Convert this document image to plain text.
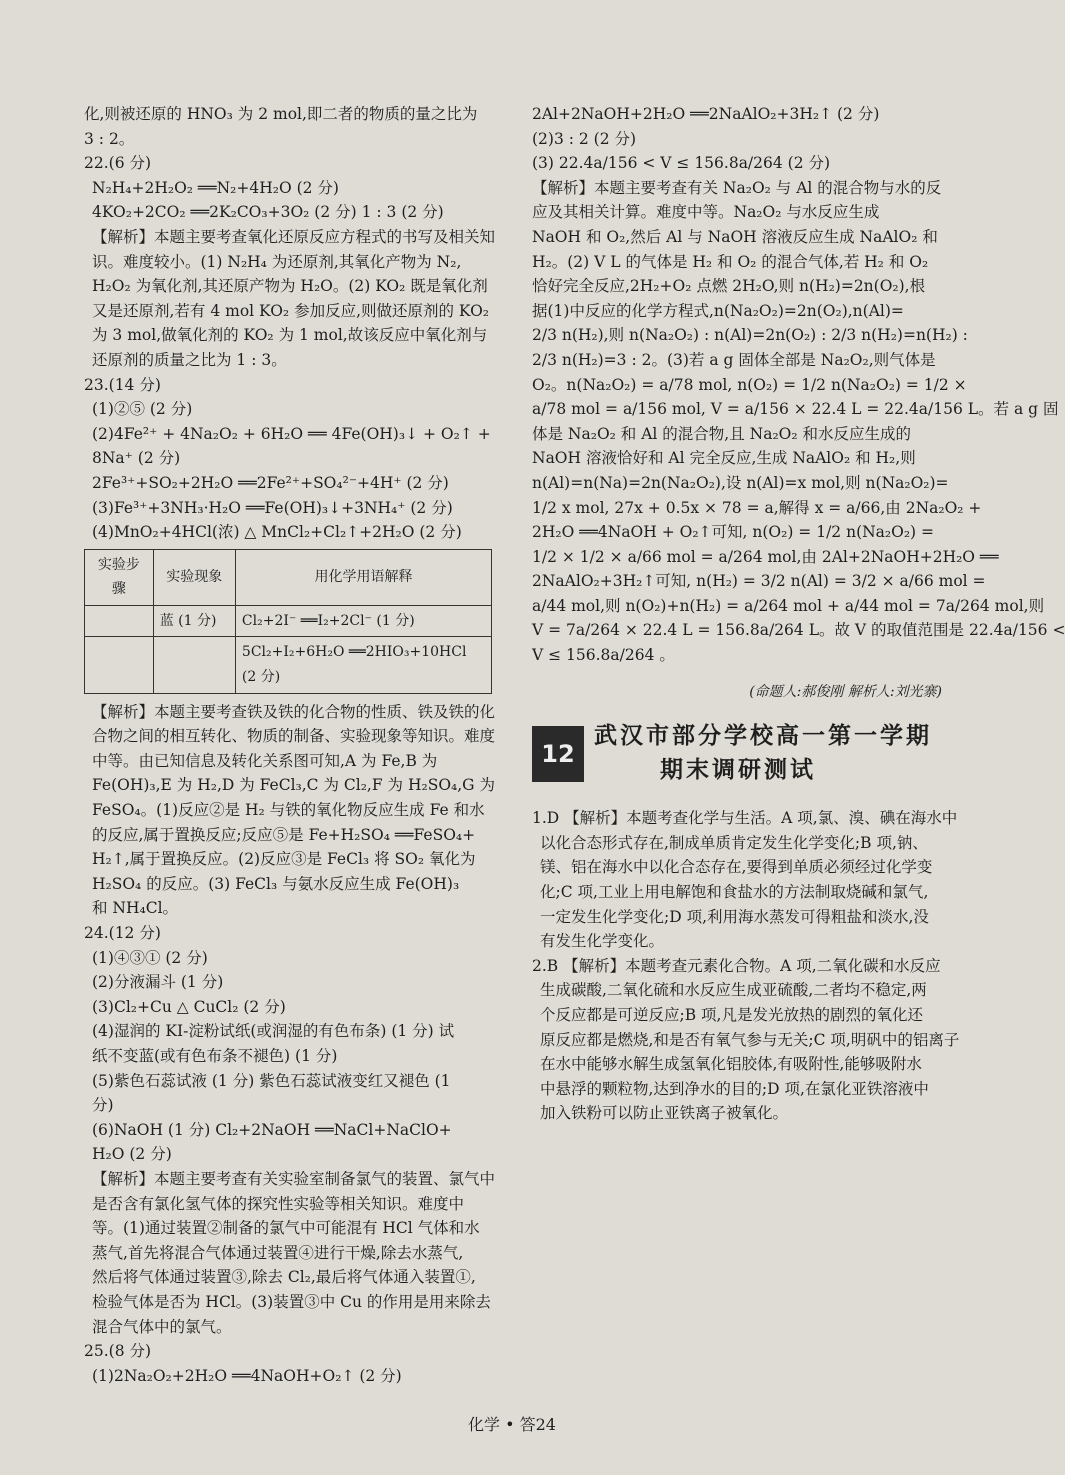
化,则被还原的 HNO₃ 为 2 mol,即二者的物质的量之比为
3 : 2。
22.(6 分)
N₂H₄+2H₂O₂ ══N₂+4H₂O (2 分)
4KO₂+2CO₂ ══2K₂CO₃+3O₂ (2 分) 1 : 3 (2 分)
【解析】本题主要考查氧化还原反应方程式的书写及相关知
识。难度较小。(1) N₂H₄ 为还原剂,其氧化产物为 N₂,
H₂O₂ 为氧化剂,其还原产物为 H₂O。(2) KO₂ 既是氧化剂
又是还原剂,若有 4 mol KO₂ 参加反应,则做还原剂的 KO₂
为 3 mol,做氧化剂的 KO₂ 为 1 mol,故该反应中氧化剂与
还原剂的质量之比为 1 : 3。
23.(14 分)
(1)②⑤ (2 分)
(2)4Fe²⁺ + 4Na₂O₂ + 6H₂O ══ 4Fe(OH)₃↓ + O₂↑ +
8Na⁺ (2 分)
2Fe³⁺+SO₂+2H₂O ══2Fe²⁺+SO₄²⁻+4H⁺ (2 分)
(3)Fe³⁺+3NH₃·H₂O ══Fe(OH)₃↓+3NH₄⁺ (2 分)
(4)MnO₂+4HCl(浓) △ MnCl₂+Cl₂↑+2H₂O (2 分)
实验步骤	实验现象	用化学用语解释
	蓝 (1 分)	Cl₂+2I⁻ ══I₂+2Cl⁻ (1 分)
		5Cl₂+I₂+6H₂O ══2HIO₃+10HCl (2 分)
【解析】本题主要考查铁及铁的化合物的性质、铁及铁的化
合物之间的相互转化、物质的制备、实验现象等知识。难度
中等。由已知信息及转化关系图可知,A 为 Fe,B 为
Fe(OH)₃,E 为 H₂,D 为 FeCl₃,C 为 Cl₂,F 为 H₂SO₄,G 为
FeSO₄。(1)反应②是 H₂ 与铁的氧化物反应生成 Fe 和水
的反应,属于置换反应;反应⑤是 Fe+H₂SO₄ ══FeSO₄+
H₂↑,属于置换反应。(2)反应③是 FeCl₃ 将 SO₂ 氧化为
H₂SO₄ 的反应。(3) FeCl₃ 与氨水反应生成 Fe(OH)₃
和 NH₄Cl。
24.(12 分)
(1)④③① (2 分)
(2)分液漏斗 (1 分)
(3)Cl₂+Cu △ CuCl₂ (2 分)
(4)湿润的 KI-淀粉试纸(或润湿的有色布条) (1 分) 试
纸不变蓝(或有色布条不褪色) (1 分)
(5)紫色石蕊试液 (1 分) 紫色石蕊试液变红又褪色 (1
分)
(6)NaOH (1 分) Cl₂+2NaOH ══NaCl+NaClO+
H₂O (2 分)
【解析】本题主要考查有关实验室制备氯气的装置、氯气中
是否含有氯化氢气体的探究性实验等相关知识。难度中
等。(1)通过装置②制备的氯气中可能混有 HCl 气体和水
蒸气,首先将混合气体通过装置④进行干燥,除去水蒸气,
然后将气体通过装置③,除去 Cl₂,最后将气体通入装置①,
检验气体是否为 HCl。(3)装置③中 Cu 的作用是用来除去
混合气体中的氯气。
25.(8 分)
(1)2Na₂O₂+2H₂O ══4NaOH+O₂↑ (2 分)
2Al+2NaOH+2H₂O ══2NaAlO₂+3H₂↑ (2 分)
(2)3 : 2 (2 分)
(3) 22.4a/156 < V ≤ 156.8a/264 (2 分)
【解析】本题主要考查有关 Na₂O₂ 与 Al 的混合物与水的反
应及其相关计算。难度中等。Na₂O₂ 与水反应生成
NaOH 和 O₂,然后 Al 与 NaOH 溶液反应生成 NaAlO₂ 和
H₂。(2) V L 的气体是 H₂ 和 O₂ 的混合气体,若 H₂ 和 O₂
恰好完全反应,2H₂+O₂ 点燃 2H₂O,则 n(H₂)=2n(O₂),根
据(1)中反应的化学方程式,n(Na₂O₂)=2n(O₂),n(Al)=
2/3 n(H₂),则 n(Na₂O₂) : n(Al)=2n(O₂) : 2/3 n(H₂)=n(H₂) :
2/3 n(H₂)=3 : 2。(3)若 a g 固体全部是 Na₂O₂,则气体是
O₂。n(Na₂O₂) = a/78 mol, n(O₂) = 1/2 n(Na₂O₂) = 1/2 ×
a/78 mol = a/156 mol, V = a/156 × 22.4 L = 22.4a/156 L。若 a g 固
体是 Na₂O₂ 和 Al 的混合物,且 Na₂O₂ 和水反应生成的
NaOH 溶液恰好和 Al 完全反应,生成 NaAlO₂ 和 H₂,则
n(Al)=n(Na)=2n(Na₂O₂),设 n(Al)=x mol,则 n(Na₂O₂)=
1/2 x mol, 27x + 0.5x × 78 = a,解得 x = a/66,由 2Na₂O₂ +
2H₂O ══4NaOH + O₂↑可知, n(O₂) = 1/2 n(Na₂O₂) =
1/2 × 1/2 × a/66 mol = a/264 mol,由 2Al+2NaOH+2H₂O ══
2NaAlO₂+3H₂↑可知, n(H₂) = 3/2 n(Al) = 3/2 × a/66 mol =
a/44 mol,则 n(O₂)+n(H₂) = a/264 mol + a/44 mol = 7a/264 mol,则
V = 7a/264 × 22.4 L = 156.8a/264 L。故 V 的取值范围是 22.4a/156 <
V ≤ 156.8a/264 。
(命题人:郝俊刚 解析人:刘光寨)
12
武汉市部分学校高一第一学期
期末调研测试
1.D 【解析】本题考查化学与生活。A 项,氯、溴、碘在海水中
以化合态形式存在,制成单质肯定发生化学变化;B 项,钠、
镁、铝在海水中以化合态存在,要得到单质必须经过化学变
化;C 项,工业上用电解饱和食盐水的方法制取烧碱和氯气,
一定发生化学变化;D 项,利用海水蒸发可得粗盐和淡水,没
有发生化学变化。
2.B 【解析】本题考查元素化合物。A 项,二氧化碳和水反应
生成碳酸,二氧化硫和水反应生成亚硫酸,二者均不稳定,两
个反应都是可逆反应;B 项,凡是发光放热的剧烈的氧化还
原反应都是燃烧,和是否有氧气参与无关;C 项,明矾中的铝离子
在水中能够水解生成氢氧化铝胶体,有吸附性,能够吸附水
中悬浮的颗粒物,达到净水的目的;D 项,在氯化亚铁溶液中
加入铁粉可以防止亚铁离子被氧化。
化学 • 答24
